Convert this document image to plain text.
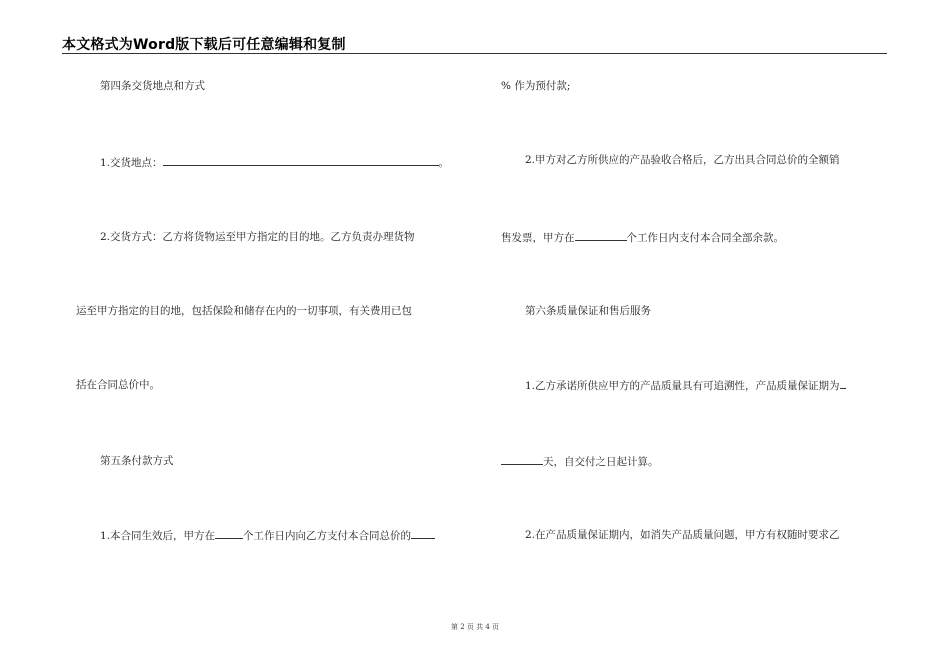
本文格式为Word版下载后可任意编辑和复制
第四条交货地点和方式
1.交货地点：	。
2.交货方式：乙方将货物运至甲方指定的目的地。乙方负责办理货物
运至甲方指定的目的地，包括保险和储存在内的一切事项，有关费用已包
括在合同总价中。
第五条付款方式
1.本合同生效后，甲方在	个工作日内向乙方支付本合同总价的
% 作为预付款;
2.甲方对乙方所供应的产品验收合格后，乙方出具合同总价的全额销
售发票，甲方在	个工作日内支付本合同全部余款。
第六条质量保证和售后服务
1.乙方承诺所供应甲方的产品质量具有可追溯性，产品质量保证期为
天，自交付之日起计算。
2.在产品质量保证期内，如消失产品质量问题，甲方有权随时要求乙
第 2 页 共 4 页
